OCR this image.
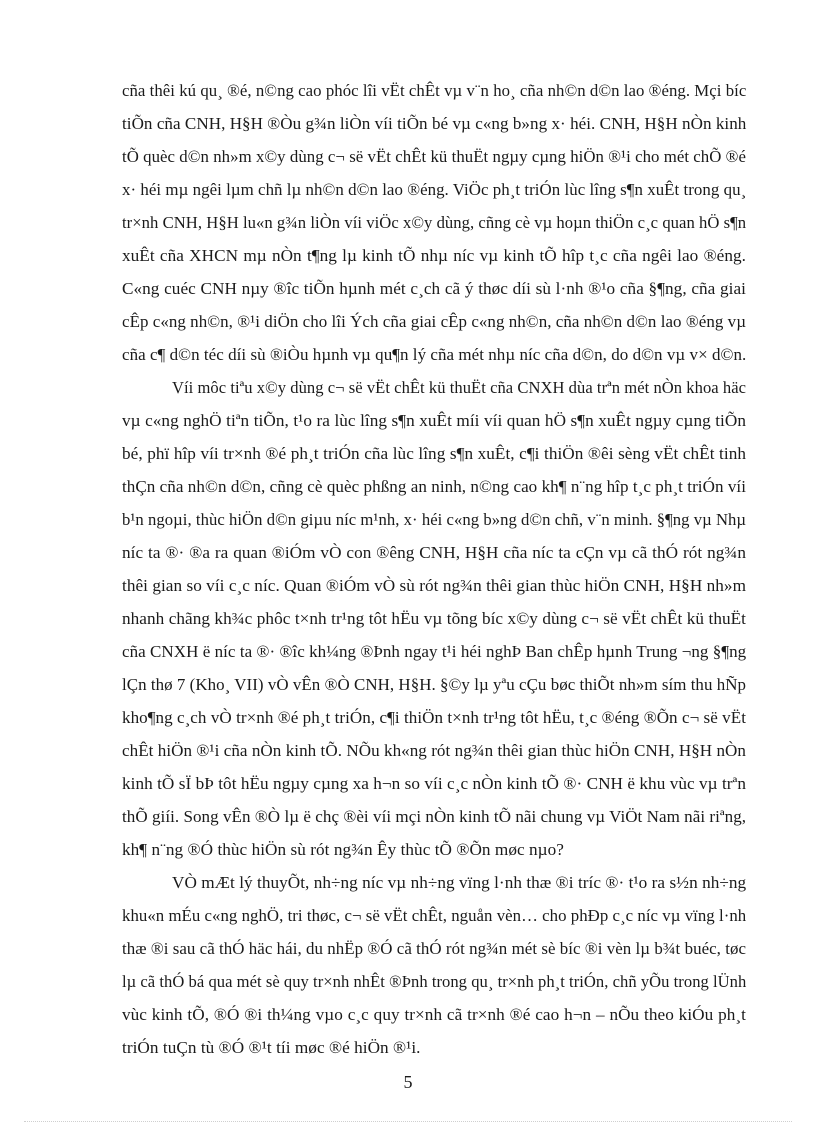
cña thêi kú qu¸ ®é, n©ng cao phóc lîi vËt chÊt vµ v¨n ho¸ cña nh©n d©n lao ®éng. Mçi bíc
tiÕn cña CNH, H§H ®Òu g¾n liÒn víi tiÕn bé vµ c«ng b»ng x· héi. CNH, H§H nÒn kinh
tÕ quèc d©n nh»m x©y dùng c¬ së vËt chÊt kü thuËt ngµy cµng hiÖn ®¹i cho mét chÕ ®é
x· héi mµ ngêi lµm chñ lµ nh©n d©n lao ®éng. ViÖc ph¸t triÓn lùc lîng s¶n xuÊt trong qu¸
tr×nh CNH, H§H lu«n g¾n liÒn víi viÖc x©y dùng, cñng cè vµ hoµn thiÖn c¸c quan hÖ s¶n
xuÊt cña XHCN mµ nÒn t¶ng lµ kinh tÕ nhµ níc vµ kinh tÕ hîp t¸c cña ngêi lao ®éng.
C«ng cuéc CNH nµy ®îc tiÕn hµnh mét c¸ch cã ý thøc díi sù l·nh ®¹o cña §¶ng, cña giai
cÊp c«ng nh©n, ®¹i diÖn cho lîi Ých cña giai cÊp c«ng nh©n, cña nh©n d©n lao ®éng vµ
cña c¶ d©n téc díi sù ®iÒu hµnh vµ qu¶n lý cña mét nhµ níc cña d©n, do d©n vµ v× d©n.
Víi môc tiªu x©y dùng c¬ së vËt chÊt kü thuËt cña CNXH dùa trªn mét nÒn khoa häc
vµ c«ng nghÖ tiªn tiÕn, t¹o ra lùc lîng s¶n xuÊt míi víi quan hÖ s¶n xuÊt ngµy cµng tiÕn
bé, phï hîp víi tr×nh ®é ph¸t triÓn cña lùc lîng s¶n xuÊt, c¶i thiÖn ®êi sèng vËt chÊt tinh
thÇn cña nh©n d©n, cñng cè quèc phßng an ninh, n©ng cao kh¶ n¨ng hîp t¸c ph¸t triÓn víi
b¹n ngoµi, thùc hiÖn d©n giµu níc m¹nh, x· héi c«ng b»ng d©n chñ, v¨n minh. §¶ng vµ Nhµ
níc ta ®· ®a ra quan ®iÓm vÒ con ®êng CNH, H§H cña níc ta cÇn vµ cã thÓ rót ng¾n
thêi gian so víi c¸c níc. Quan ®iÓm vÒ sù rót ng¾n thêi gian thùc hiÖn CNH, H§H nh»m
nhanh chãng kh¾c phôc t×nh tr¹ng tôt hËu vµ tõng bíc x©y dùng c¬ së vËt chÊt kü thuËt
cña CNXH ë níc ta ®· ®îc kh¼ng ®Þnh ngay t¹i héi nghÞ Ban chÊp hµnh Trung ¬ng §¶ng
lÇn thø 7 (Kho¸ VII) vÒ vÊn ®Ò CNH, H§H. §©y lµ yªu cÇu bøc thiÕt nh»m sím thu hÑp
kho¶ng c¸ch vÒ tr×nh ®é ph¸t triÓn, c¶i thiÖn t×nh tr¹ng tôt hËu, t¸c ®éng ®Õn c¬ së vËt
chÊt hiÖn ®¹i cña nÒn kinh tÕ. NÕu kh«ng rót ng¾n thêi gian thùc hiÖn CNH, H§H nÒn
kinh tÕ sÏ bÞ tôt hËu ngµy cµng xa h¬n so víi c¸c nÒn kinh tÕ ®· CNH ë khu vùc vµ trªn
thÕ giíi. Song vÊn ®Ò lµ ë chç ®èi víi mçi nÒn kinh tÕ nãi chung vµ ViÖt Nam nãi riªng,
kh¶ n¨ng ®Ó thùc hiÖn sù rót ng¾n Êy thùc tÕ ®Õn møc nµo?
VÒ mÆt lý thuyÕt, nh÷ng níc vµ nh÷ng vïng l·nh thæ ®i tríc ®· t¹o ra s½n nh÷ng
khu«n mÉu c«ng nghÖ, tri thøc, c¬ së vËt chÊt, nguån vèn… cho phÐp c¸c níc vµ vïng l·nh
thæ ®i sau cã thÓ häc hái, du nhËp ®Ó cã thÓ rót ng¾n mét sè bíc ®i vèn lµ b¾t buéc, tøc
lµ cã thÓ bá qua mét sè quy tr×nh nhÊt ®Þnh trong qu¸ tr×nh ph¸t triÓn, chñ yÕu trong lÜnh
vùc kinh tÕ, ®Ó ®i th¼ng vµo c¸c quy tr×nh cã tr×nh ®é cao h¬n – nÕu theo kiÓu ph¸t
triÓn tuÇn tù ®Ó ®¹t tíi møc ®é hiÖn ®¹i.
5
